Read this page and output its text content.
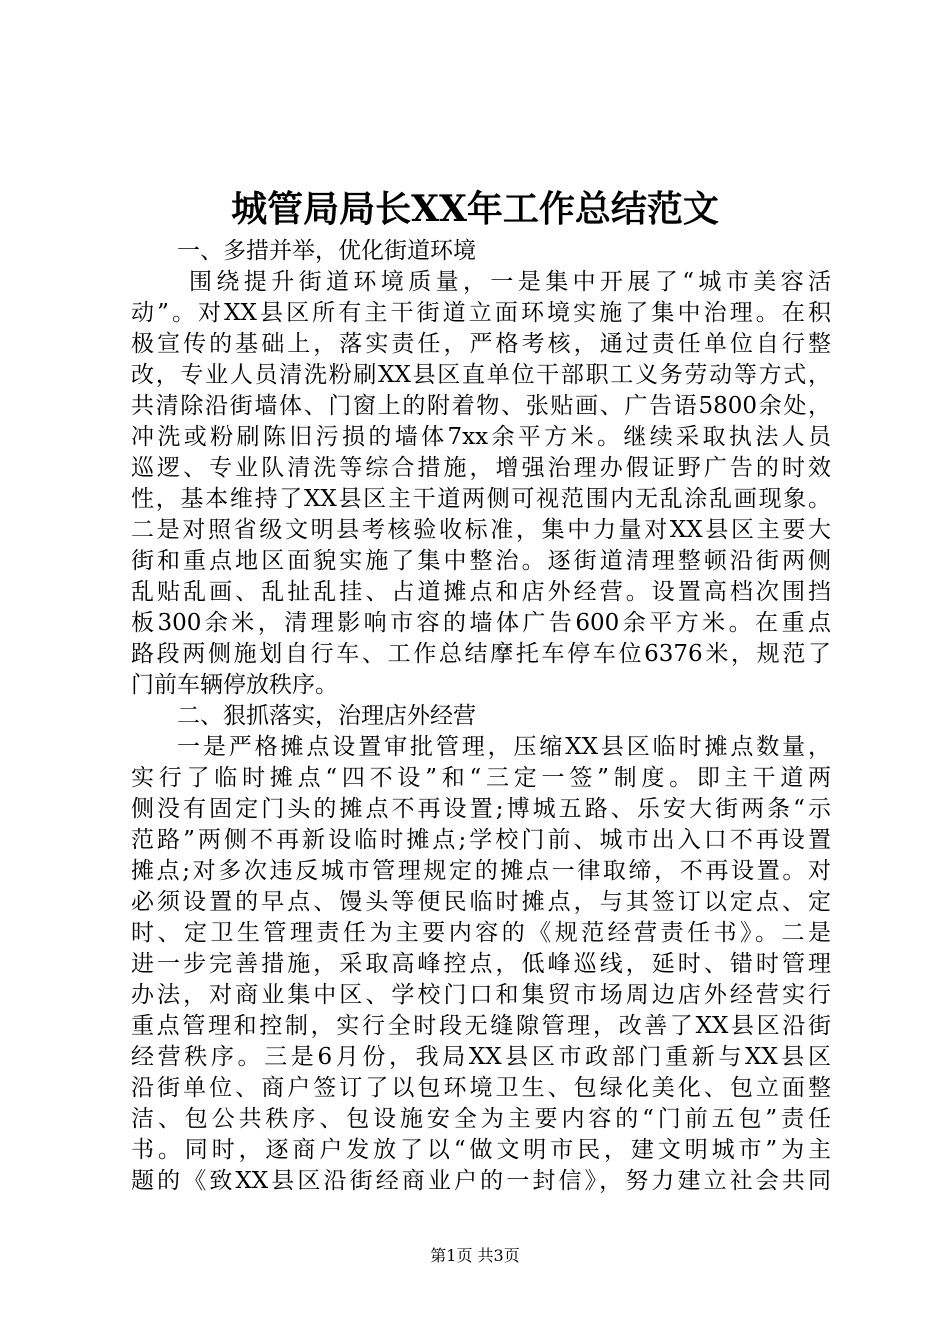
城管局局长XX年工作总结范文
一、多措并举，优化街道环境
围绕提升街道环境质量，一是集中开展了“城市美容活
动”。对XX县区所有主干街道立面环境实施了集中治理。在积
极宣传的基础上，落实责任，严格考核，通过责任单位自行整
改，专业人员清洗粉刷XX县区直单位干部职工义务劳动等方式，
共清除沿街墙体、门窗上的附着物、张贴画、广告语5800余处，
冲洗或粉刷陈旧污损的墙体7xx余平方米。继续采取执法人员
巡逻、专业队清洗等综合措施，增强治理办假证野广告的时效
性，基本维持了XX县区主干道两侧可视范围内无乱涂乱画现象。
二是对照省级文明县考核验收标准，集中力量对XX县区主要大
街和重点地区面貌实施了集中整治。逐街道清理整顿沿街两侧
乱贴乱画、乱扯乱挂、占道摊点和店外经营。设置高档次围挡
板300余米，清理影响市容的墙体广告600余平方米。在重点
路段两侧施划自行车、工作总结摩托车停车位6376米，规范了
门前车辆停放秩序。
二、狠抓落实，治理店外经营
一是严格摊点设置审批管理，压缩XX县区临时摊点数量，
实行了临时摊点“四不设”和“三定一签”制度。即主干道两
侧没有固定门头的摊点不再设置;博城五路、乐安大街两条“示
范路”两侧不再新设临时摊点;学校门前、城市出入口不再设置
摊点;对多次违反城市管理规定的摊点一律取缔，不再设置。对
必须设置的早点、馒头等便民临时摊点，与其签订以定点、定
时、定卫生管理责任为主要内容的《规范经营责任书》。二是
进一步完善措施，采取高峰控点，低峰巡线，延时、错时管理
办法，对商业集中区、学校门口和集贸市场周边店外经营实行
重点管理和控制，实行全时段无缝隙管理，改善了XX县区沿街
经营秩序。三是6月份，我局XX县区市政部门重新与XX县区
沿街单位、商户签订了以包环境卫生、包绿化美化、包立面整
洁、包公共秩序、包设施安全为主要内容的“门前五包”责任
书。同时，逐商户发放了以“做文明市民，建文明城市”为主
题的《致XX县区沿街经商业户的一封信》，努力建立社会共同
第1页 共3页
